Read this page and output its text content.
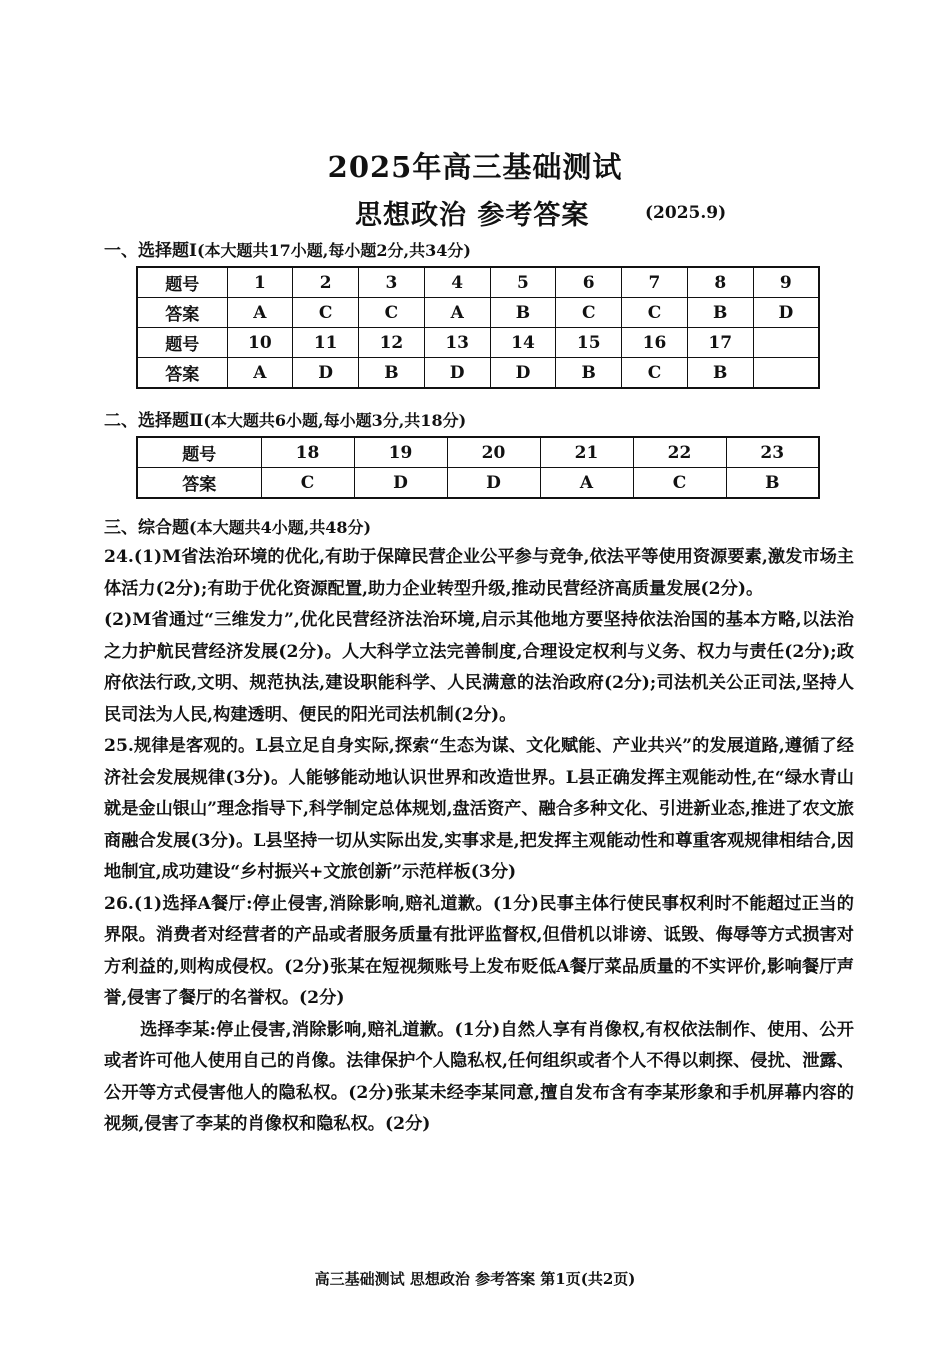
2025年高三基础测试
思想政治 参考答案	(2025.9)
一、选择题Ⅰ(本大题共17小题,每小题2分,共34分)
题号	1	2	3	4	5	6	7	8	9
答案	A	C	C	A	B	C	C	B	D
题号	10	11	12	13	14	15	16	17	
答案	A	D	B	D	D	B	C	B	
二、选择题Ⅱ(本大题共6小题,每小题3分,共18分)
题号	18	19	20	21	22	23
答案	C	D	D	A	C	B
三、综合题(本大题共4小题,共48分)

24.(1)M省法治环境的优化,有助于保障民营企业公平参与竞争,依法平等使用资源要素,激发市场主体活力(2分);有助于优化资源配置,助力企业转型升级,推动民营经济高质量发展(2分)。

(2)M省通过“三维发力”,优化民营经济法治环境,启示其他地方要坚持依法治国的基本方略,以法治之力护航民营经济发展(2分)。人大科学立法完善制度,合理设定权利与义务、权力与责任(2分);政府依法行政,文明、规范执法,建设职能科学、人民满意的法治政府(2分);司法机关公正司法,坚持人民司法为人民,构建透明、便民的阳光司法机制(2分)。

25.规律是客观的。L县立足自身实际,探索“生态为谋、文化赋能、产业共兴”的发展道路,遵循了经济社会发展规律(3分)。人能够能动地认识世界和改造世界。L县正确发挥主观能动性,在“绿水青山就是金山银山”理念指导下,科学制定总体规划,盘活资产、融合多种文化、引进新业态,推进了农文旅商融合发展(3分)。L县坚持一切从实际出发,实事求是,把发挥主观能动性和尊重客观规律相结合,因地制宜,成功建设“乡村振兴+文旅创新”示范样板(3分)

26.(1)选择A餐厅:停止侵害,消除影响,赔礼道歉。(1分)民事主体行使民事权利时不能超过正当的界限。消费者对经营者的产品或者服务质量有批评监督权,但借机以诽谤、诋毁、侮辱等方式损害对方利益的,则构成侵权。(2分)张某在短视频账号上发布贬低A餐厅菜品质量的不实评价,影响餐厅声誉,侵害了餐厅的名誉权。(2分)

选择李某:停止侵害,消除影响,赔礼道歉。(1分)自然人享有肖像权,有权依法制作、使用、公开或者许可他人使用自己的肖像。法律保护个人隐私权,任何组织或者个人不得以刺探、侵扰、泄露、公开等方式侵害他人的隐私权。(2分)张某未经李某同意,擅自发布含有李某形象和手机屏幕内容的视频,侵害了李某的肖像权和隐私权。(2分)

高三基础测试 思想政治 参考答案 第1页(共2页)
